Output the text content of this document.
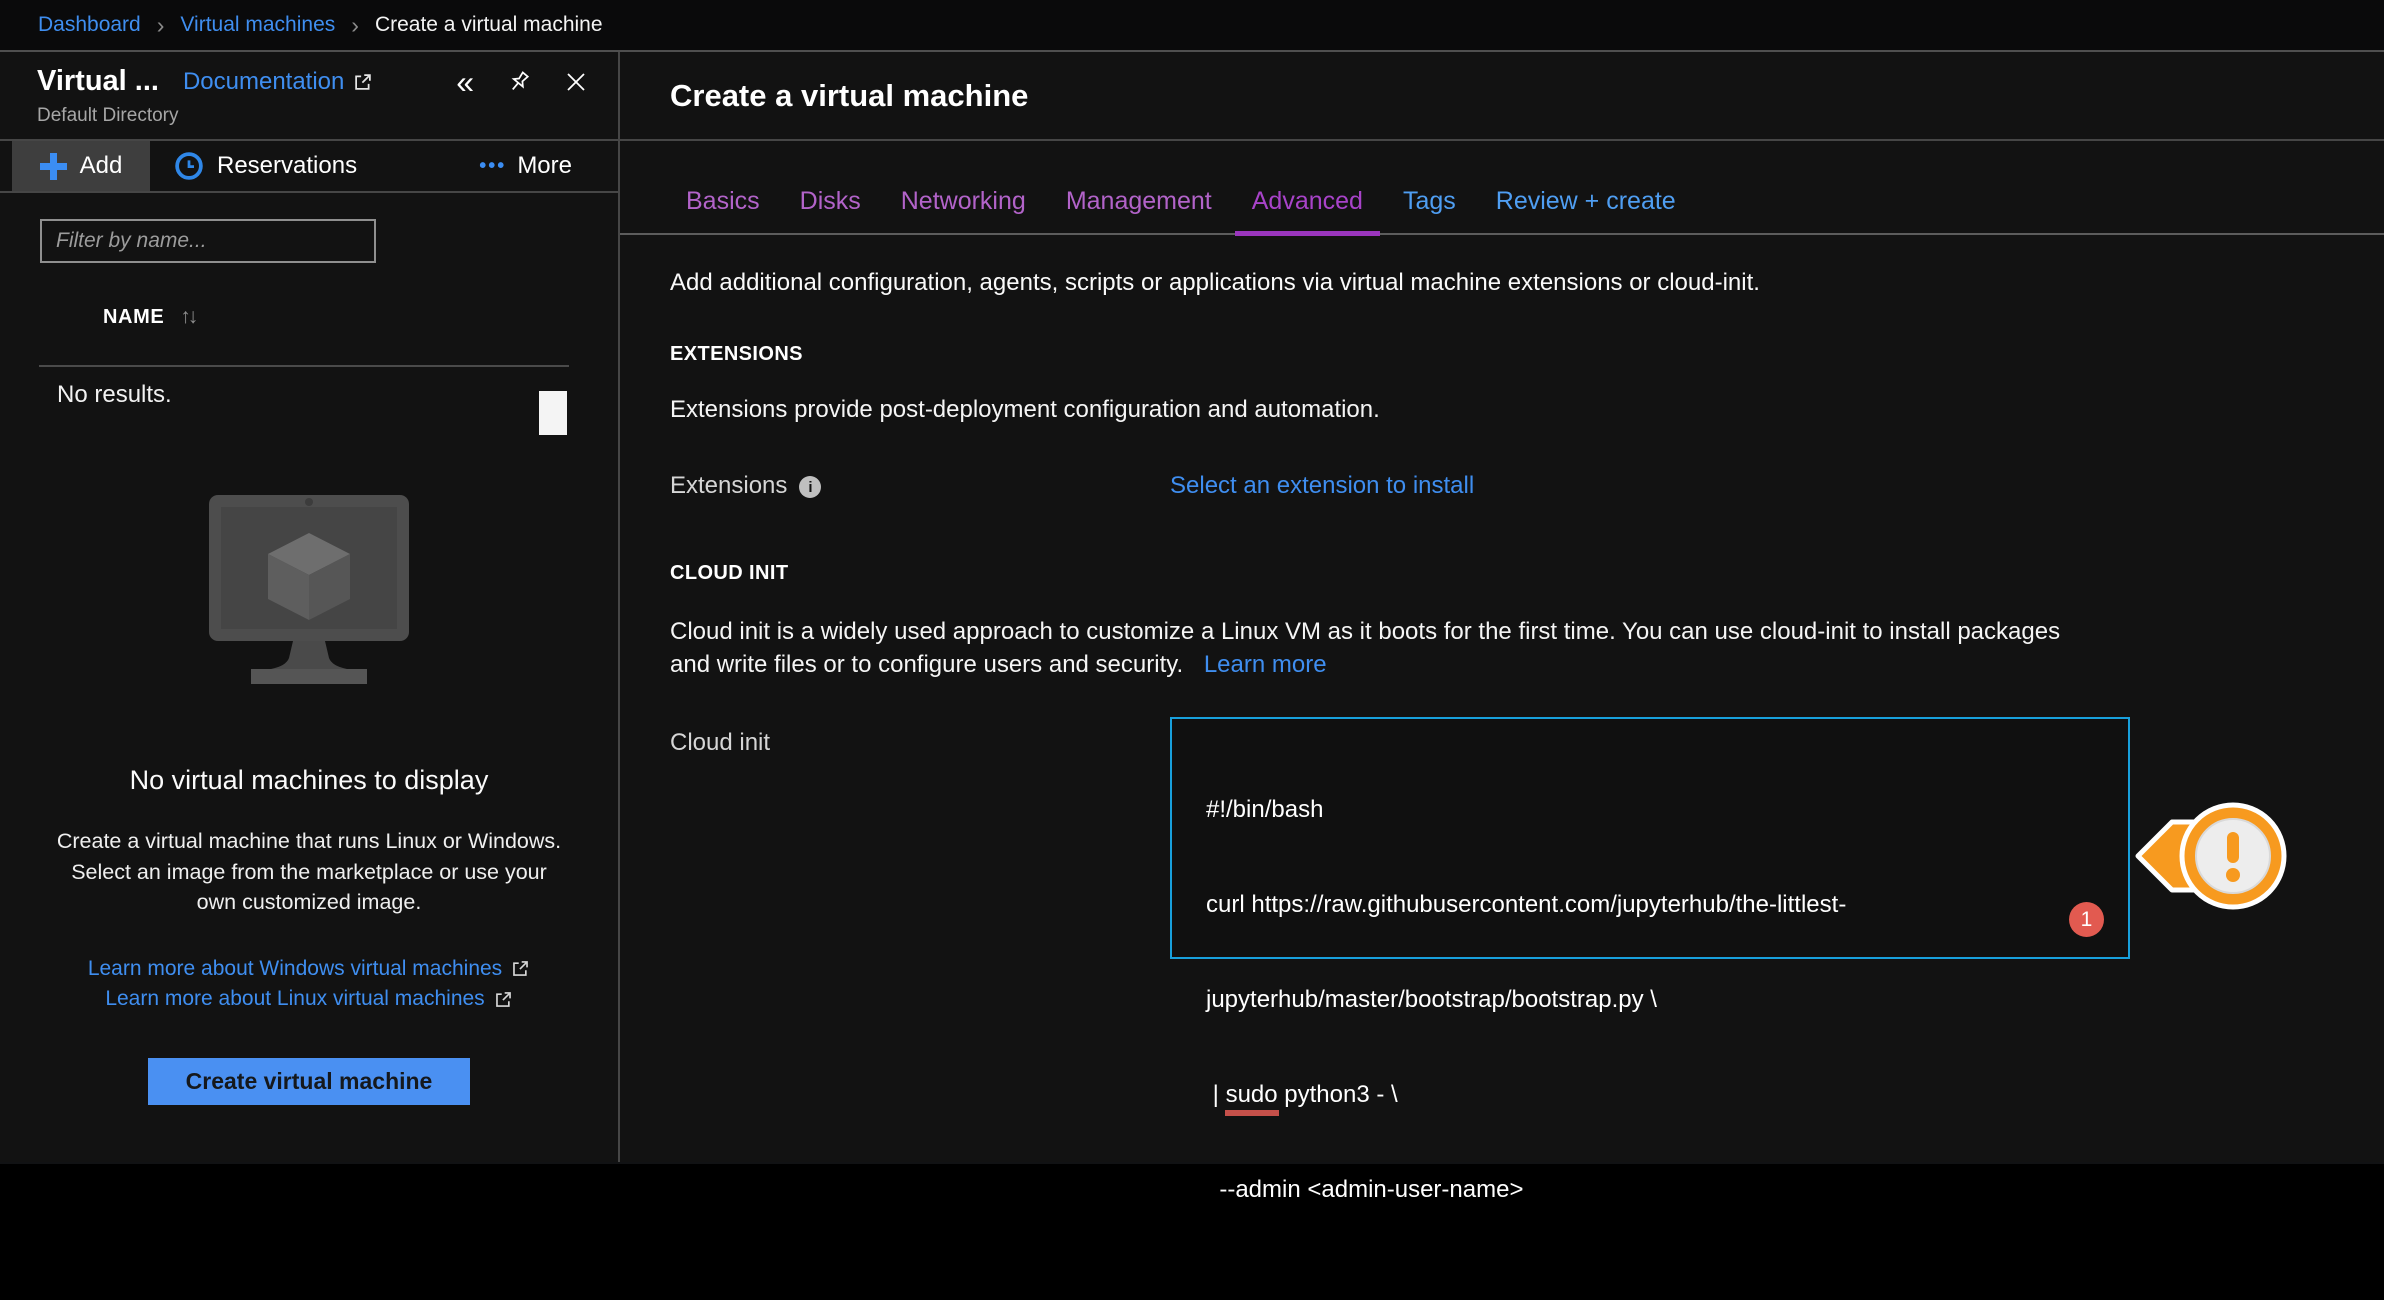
Dashboard › Virtual machines › Create a virtual machine
Virtual ... Documentation	«
Default Directory
Add	Reservations	••• More
Filter by name...
NAME ↑↓
No results.
No virtual machines to display
Create a virtual machine that runs Linux or Windows. Select an image from the marketplace or use your own customized image.
Learn more about Windows virtual machines
Learn more about Linux virtual machines
Create virtual machine
Create a virtual machine
Basics Disks Networking Management Advanced Tags Review + create
Add additional configuration, agents, scripts or applications via virtual machine extensions or cloud-init.
EXTENSIONS
Extensions provide post-deployment configuration and automation.
Extensions	i	Select an extension to install
CLOUD INIT
Cloud init is a widely used approach to customize a Linux VM as it boots for the first time. You can use cloud-init to install packages and write files or to configure users and security. Learn more
Cloud init

#!/bin/bash

curl https://raw.githubusercontent.com/jupyterhub/the-littlest-

jupyterhub/master/bootstrap/bootstrap.py \

| sudo python3 - \

--admin <admin-user-name>

1
